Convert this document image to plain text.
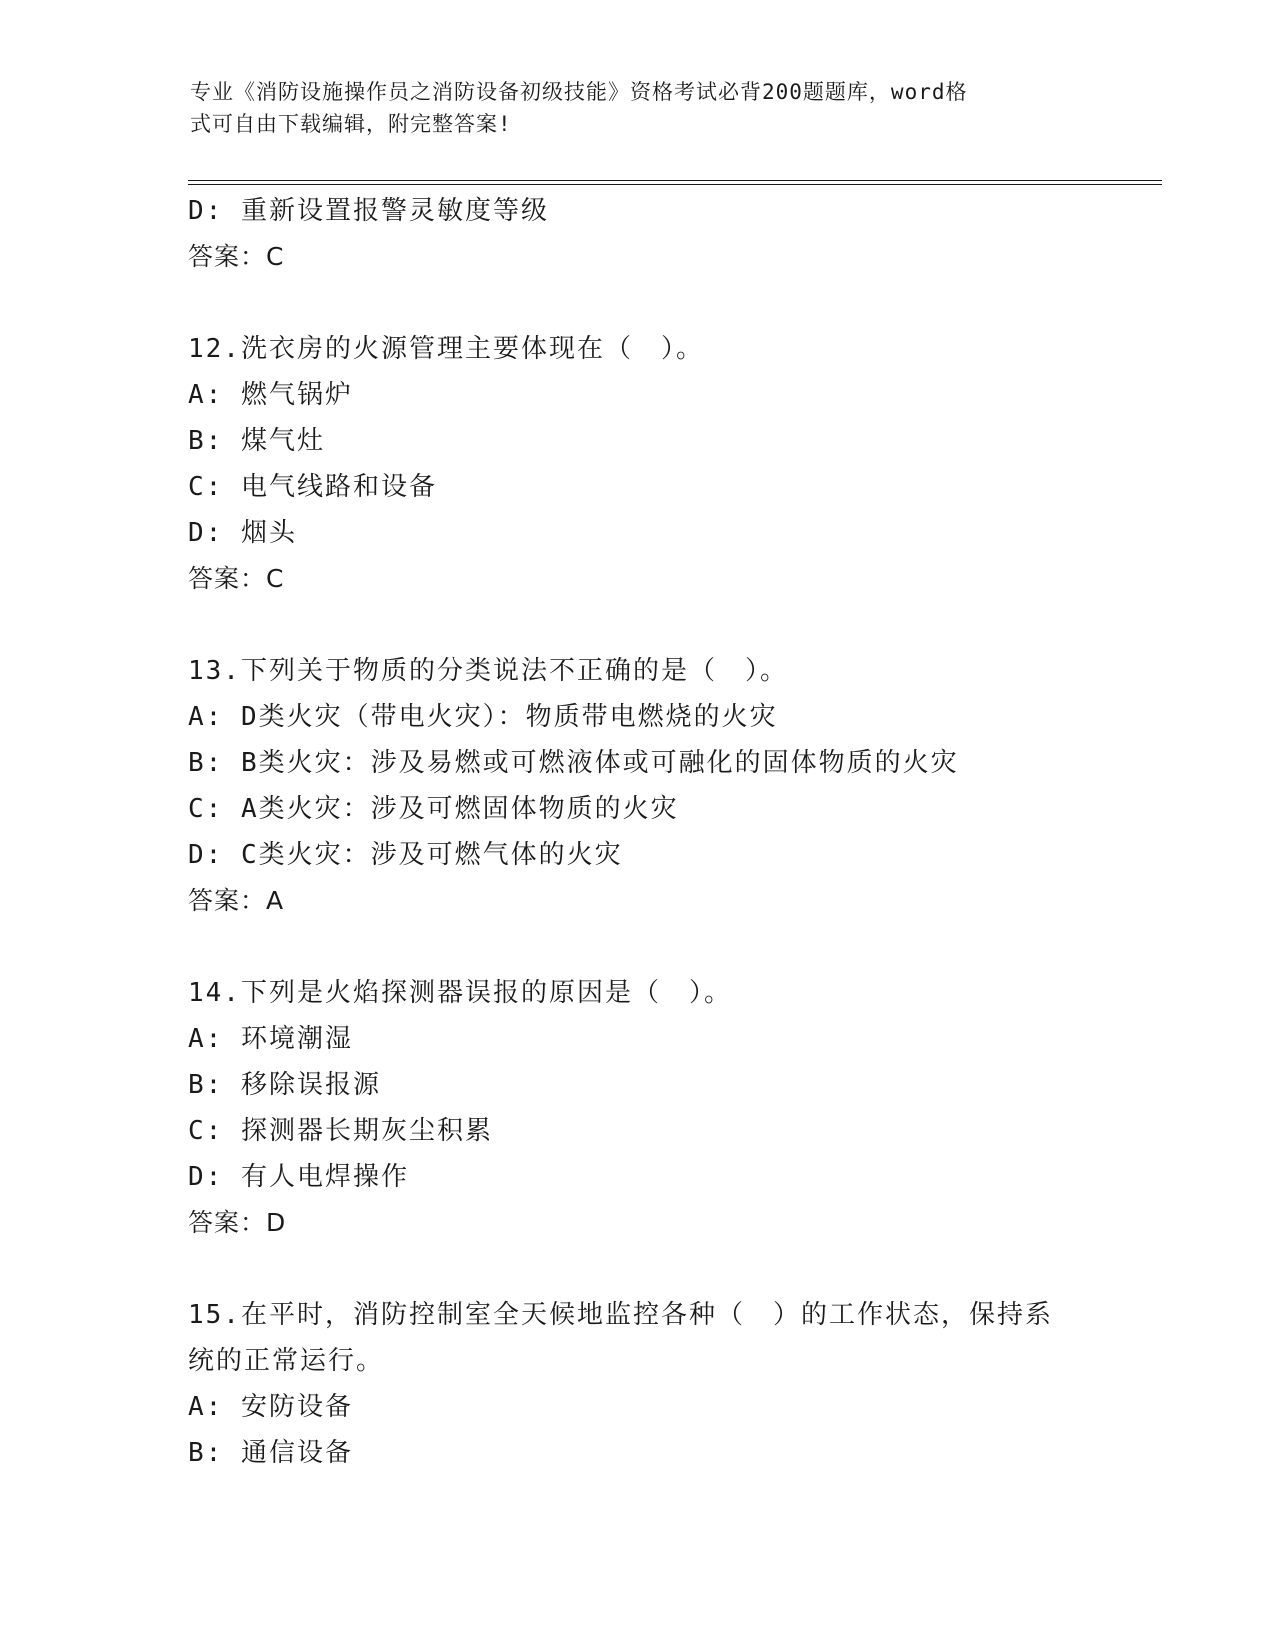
专业《消防设施操作员之消防设备初级技能》资格考试必背200题题库，word格
式可自由下载编辑，附完整答案!
D: 重新设置报警灵敏度等级
答案：C
12.洗衣房的火源管理主要体现在（　）。
A: 燃气锅炉
B: 煤气灶
C: 电气线路和设备
D: 烟头
答案：C
13.下列关于物质的分类说法不正确的是（　）。
A: D类火灾（带电火灾）：物质带电燃烧的火灾
B: B类火灾：涉及易燃或可燃液体或可融化的固体物质的火灾
C: A类火灾：涉及可燃固体物质的火灾
D: C类火灾：涉及可燃气体的火灾
答案：A
14.下列是火焰探测器误报的原因是（　）。
A: 环境潮湿
B: 移除误报源
C: 探测器长期灰尘积累
D: 有人电焊操作
答案：D
15.在平时，消防控制室全天候地监控各种（　）的工作状态，保持系
统的正常运行。
A: 安防设备
B: 通信设备
